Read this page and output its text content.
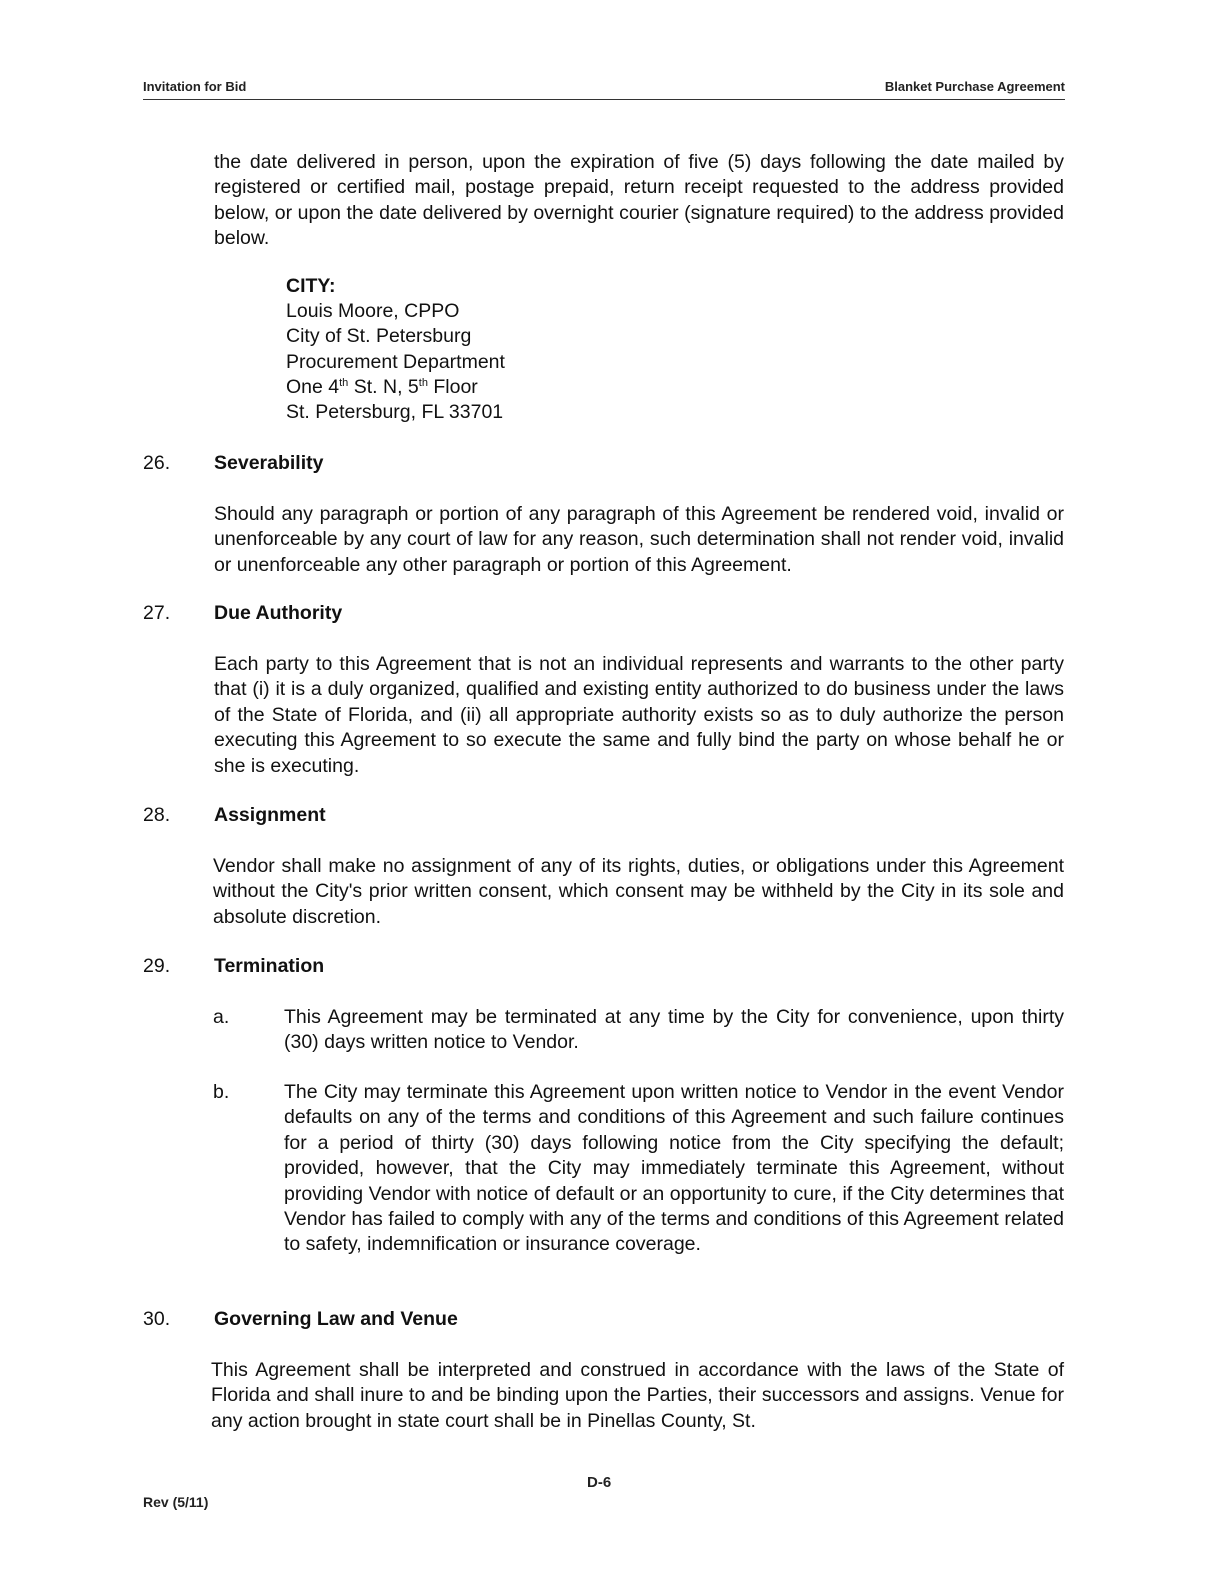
Invitation for Bid	Blanket Purchase Agreement

the date delivered in person, upon the expiration of five (5) days following the date mailed by registered or certified mail, postage prepaid, return receipt requested to the address provided below, or upon the date delivered by overnight courier (signature required) to the address provided below.

CITY:
Louis Moore, CPPO
City of St. Petersburg
Procurement Department
One 4th St. N, 5th Floor
St. Petersburg, FL 33701
26. Severability

Should any paragraph or portion of any paragraph of this Agreement be rendered void, invalid or unenforceable by any court of law for any reason, such determination shall not render void, invalid or unenforceable any other paragraph or portion of this Agreement.

27. Due Authority

Each party to this Agreement that is not an individual represents and warrants to the other party that (i) it is a duly organized, qualified and existing entity authorized to do business under the laws of the State of Florida, and (ii) all appropriate authority exists so as to duly authorize the person executing this Agreement to so execute the same and fully bind the party on whose behalf he or she is executing.

28. Assignment

Vendor shall make no assignment of any of its rights, duties, or obligations under this Agreement without the City's prior written consent, which consent may be withheld by the City in its sole and absolute discretion.

29. Termination
a.	This Agreement may be terminated at any time by the City for convenience, upon thirty (30) days written notice to Vendor.

b.	The City may terminate this Agreement upon written notice to Vendor in the event Vendor defaults on any of the terms and conditions of this Agreement and such failure continues for a period of thirty (30) days following notice from the City specifying the default; provided, however, that the City may immediately terminate this Agreement, without providing Vendor with notice of default or an opportunity to cure, if the City determines that Vendor has failed to comply with any of the terms and conditions of this Agreement related to safety, indemnification or insurance coverage.

30. Governing Law and Venue

This Agreement shall be interpreted and construed in accordance with the laws of the State of Florida and shall inure to and be binding upon the Parties, their successors and assigns. Venue for any action brought in state court shall be in Pinellas County, St.

D-6
Rev (5/11)
